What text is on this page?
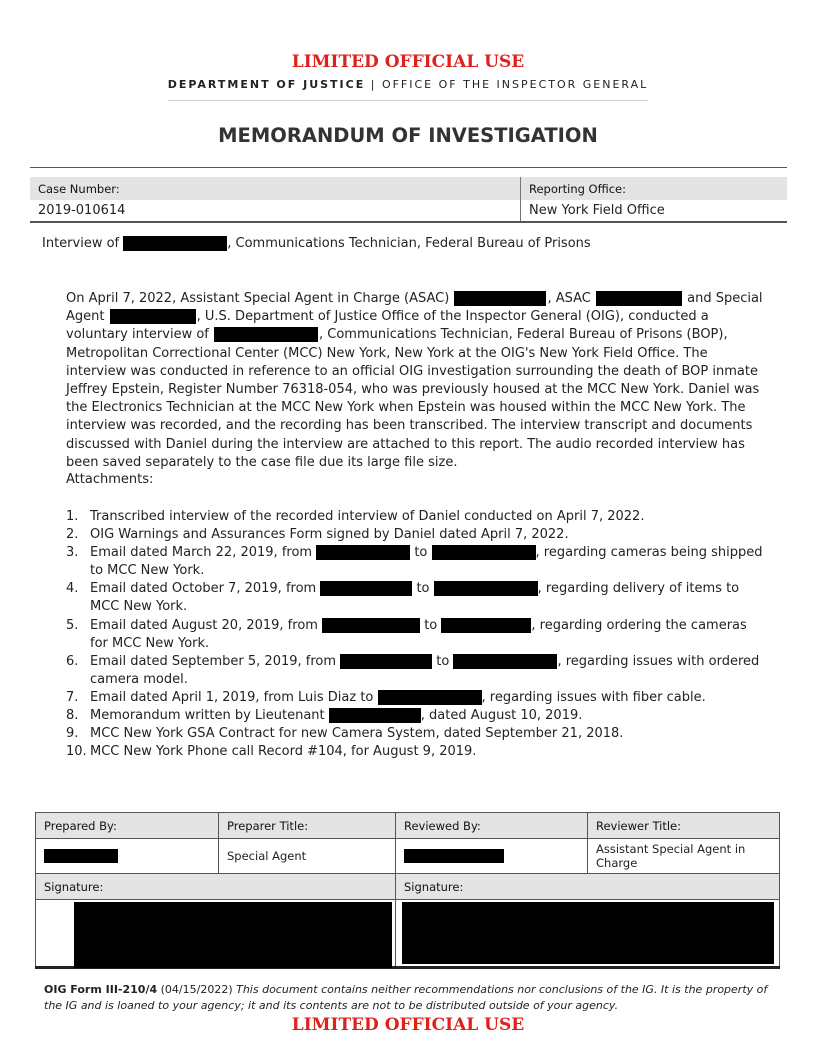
LIMITED OFFICIAL USE
DEPARTMENT OF JUSTICE | OFFICE OF THE INSPECTOR GENERAL
MEMORANDUM OF INVESTIGATION
Case Number:	Reporting Office:
2019-010614	New York Field Office
Interview of	, Communications Technician, Federal Bureau of Prisons
On April 7, 2022, Assistant Special Agent in Charge (ASAC)	, ASAC	and Special Agent	, U.S. Department of Justice Office of the Inspector General (OIG), conducted a voluntary interview of	, Communications Technician, Federal Bureau of Prisons (BOP), Metropolitan Correctional Center (MCC) New York, New York at the OIG's New York Field Office. The interview was conducted in reference to an official OIG investigation surrounding the death of BOP inmate Jeffrey Epstein, Register Number 76318-054, who was previously housed at the MCC New York. Daniel was the Electronics Technician at the MCC New York when Epstein was housed within the MCC New York. The interview was recorded, and the recording has been transcribed. The interview transcript and documents discussed with Daniel during the interview are attached to this report. The audio recorded interview has been saved separately to the case file due its large file size.
Attachments:
1. Transcribed interview of the recorded interview of Daniel conducted on April 7, 2022.
2. OIG Warnings and Assurances Form signed by Daniel dated April 7, 2022.
3. Email dated March 22, 2019, from	to	, regarding cameras being shipped to MCC New York.
4. Email dated October 7, 2019, from	to	, regarding delivery of items to MCC New York.
5. Email dated August 20, 2019, from	to	, regarding ordering the cameras for MCC New York.
6. Email dated September 5, 2019, from	to	, regarding issues with ordered camera model.
7. Email dated April 1, 2019, from Luis Diaz to	, regarding issues with fiber cable.
8. Memorandum written by Lieutenant	, dated August 10, 2019.
9. MCC New York GSA Contract for new Camera System, dated September 21, 2018.
10. MCC New York Phone call Record #104, for August 9, 2019.
Prepared By:	Preparer Title:	Reviewed By:	Reviewer Title:
	Special Agent		Assistant Special Agent in Charge
Signature:		Signature:	

OIG Form III-210/4 (04/15/2022) This document contains neither recommendations nor conclusions of the IG. It is the property of the IG and is loaned to your agency; it and its contents are not to be distributed outside of your agency.
LIMITED OFFICIAL USE
